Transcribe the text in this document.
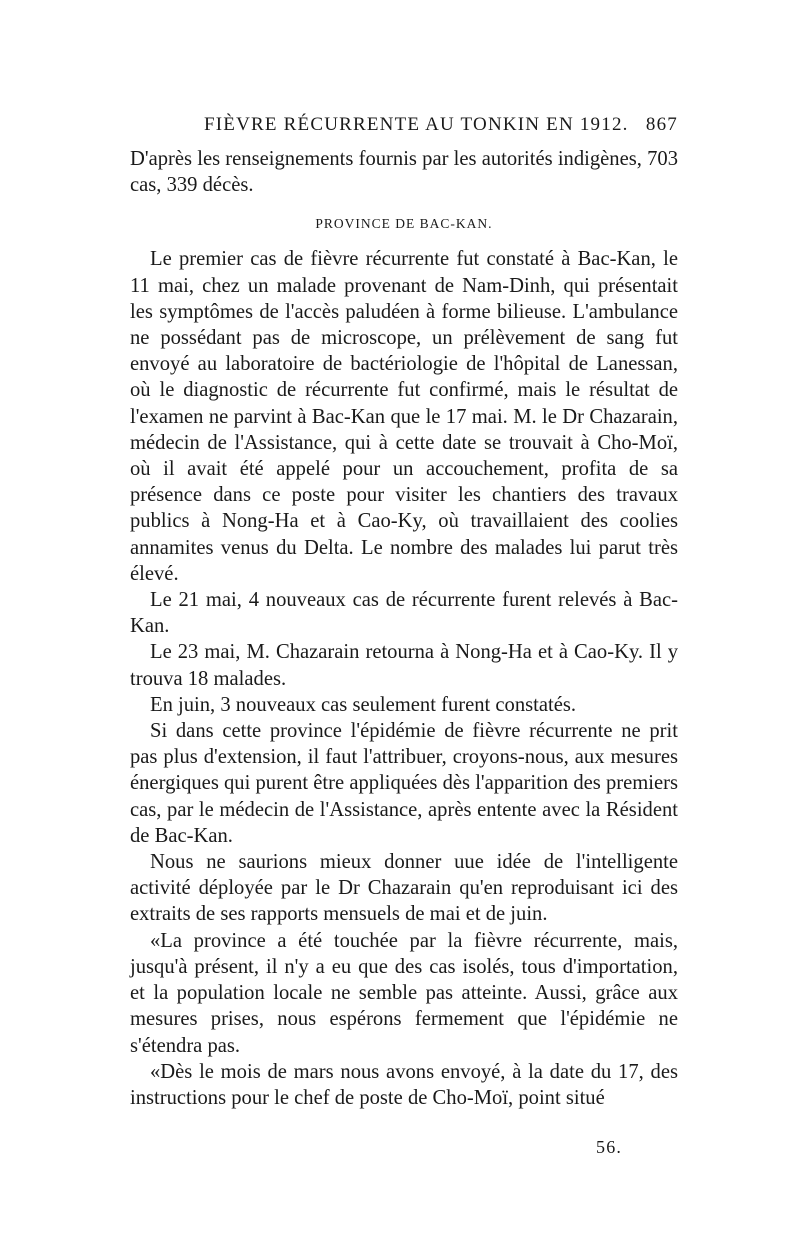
FIÈVRE RÉCURRENTE AU TONKIN EN 1912. 867

D'après les renseignements fournis par les autorités indigènes, 703 cas, 339 décès.

PROVINCE DE BAC-KAN.

Le premier cas de fièvre récurrente fut constaté à Bac-Kan, le 11 mai, chez un malade provenant de Nam-Dinh, qui présentait les symptômes de l'accès paludéen à forme bilieuse. L'ambulance ne possédant pas de microscope, un prélèvement de sang fut envoyé au laboratoire de bactériologie de l'hôpital de Lanessan, où le diagnostic de récurrente fut confirmé, mais le résultat de l'examen ne parvint à Bac-Kan que le 17 mai. M. le Dr Chazarain, médecin de l'Assistance, qui à cette date se trouvait à Cho-Moï, où il avait été appelé pour un accouchement, profita de sa présence dans ce poste pour visiter les chantiers des travaux publics à Nong-Ha et à Cao-Ky, où travaillaient des coolies annamites venus du Delta. Le nombre des malades lui parut très élevé.

Le 21 mai, 4 nouveaux cas de récurrente furent relevés à Bac-Kan.

Le 23 mai, M. Chazarain retourna à Nong-Ha et à Cao-Ky. Il y trouva 18 malades.

En juin, 3 nouveaux cas seulement furent constatés.

Si dans cette province l'épidémie de fièvre récurrente ne prit pas plus d'extension, il faut l'attribuer, croyons-nous, aux mesures énergiques qui purent être appliquées dès l'apparition des premiers cas, par le médecin de l'Assistance, après entente avec la Résident de Bac-Kan.

Nous ne saurions mieux donner uue idée de l'intelligente activité déployée par le Dr Chazarain qu'en reproduisant ici des extraits de ses rapports mensuels de mai et de juin.

«La province a été touchée par la fièvre récurrente, mais, jusqu'à présent, il n'y a eu que des cas isolés, tous d'importation, et la population locale ne semble pas atteinte. Aussi, grâce aux mesures prises, nous espérons fermement que l'épidémie ne s'étendra pas.

«Dès le mois de mars nous avons envoyé, à la date du 17, des instructions pour le chef de poste de Cho-Moï, point situé

56.
